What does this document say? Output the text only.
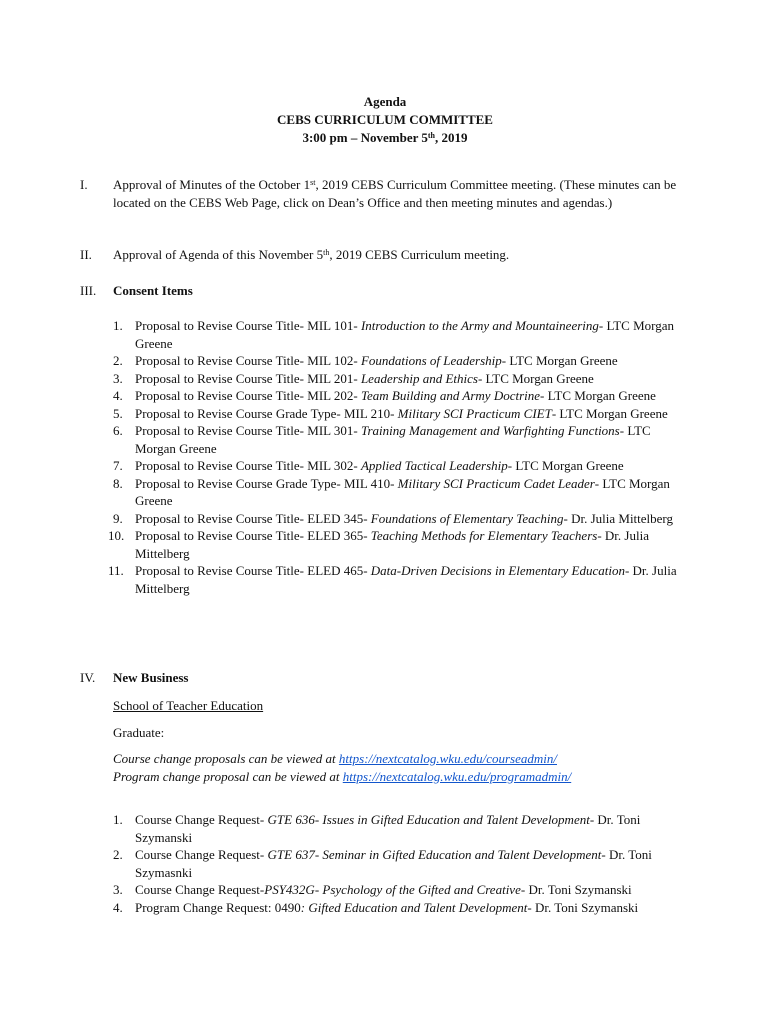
Agenda
CEBS CURRICULUM COMMITTEE
3:00 pm – November 5th, 2019
I. Approval of Minutes of the October 1st, 2019 CEBS Curriculum Committee meeting. (These minutes can be located on the CEBS Web Page, click on Dean’s Office and then meeting minutes and agendas.)
II. Approval of Agenda of this November 5th, 2019 CEBS Curriculum meeting.
III. Consent Items
1. Proposal to Revise Course Title- MIL 101- Introduction to the Army and Mountaineering- LTC Morgan Greene
2. Proposal to Revise Course Title- MIL 102- Foundations of Leadership- LTC Morgan Greene
3. Proposal to Revise Course Title- MIL 201- Leadership and Ethics- LTC Morgan Greene
4. Proposal to Revise Course Title- MIL 202- Team Building and Army Doctrine- LTC Morgan Greene
5. Proposal to Revise Course Grade Type- MIL 210- Military SCI Practicum CIET- LTC Morgan Greene
6. Proposal to Revise Course Title- MIL 301- Training Management and Warfighting Functions- LTC Morgan Greene
7. Proposal to Revise Course Title- MIL 302- Applied Tactical Leadership- LTC Morgan Greene
8. Proposal to Revise Course Grade Type- MIL 410- Military SCI Practicum Cadet Leader- LTC Morgan Greene
9. Proposal to Revise Course Title- ELED 345- Foundations of Elementary Teaching- Dr. Julia Mittelberg
10. Proposal to Revise Course Title- ELED 365- Teaching Methods for Elementary Teachers- Dr. Julia Mittelberg
11. Proposal to Revise Course Title- ELED 465- Data-Driven Decisions in Elementary Education- Dr. Julia Mittelberg
IV. New Business
School of Teacher Education
Graduate:
Course change proposals can be viewed at https://nextcatalog.wku.edu/courseadmin/
Program change proposal can be viewed at https://nextcatalog.wku.edu/programadmin/
1. Course Change Request- GTE 636- Issues in Gifted Education and Talent Development- Dr. Toni Szymanski
2. Course Change Request- GTE 637- Seminar in Gifted Education and Talent Development- Dr. Toni Szymasnki
3. Course Change Request-PSY432G- Psychology of the Gifted and Creative- Dr. Toni Szymanski
4. Program Change Request: 0490: Gifted Education and Talent Development- Dr. Toni Szymanski
